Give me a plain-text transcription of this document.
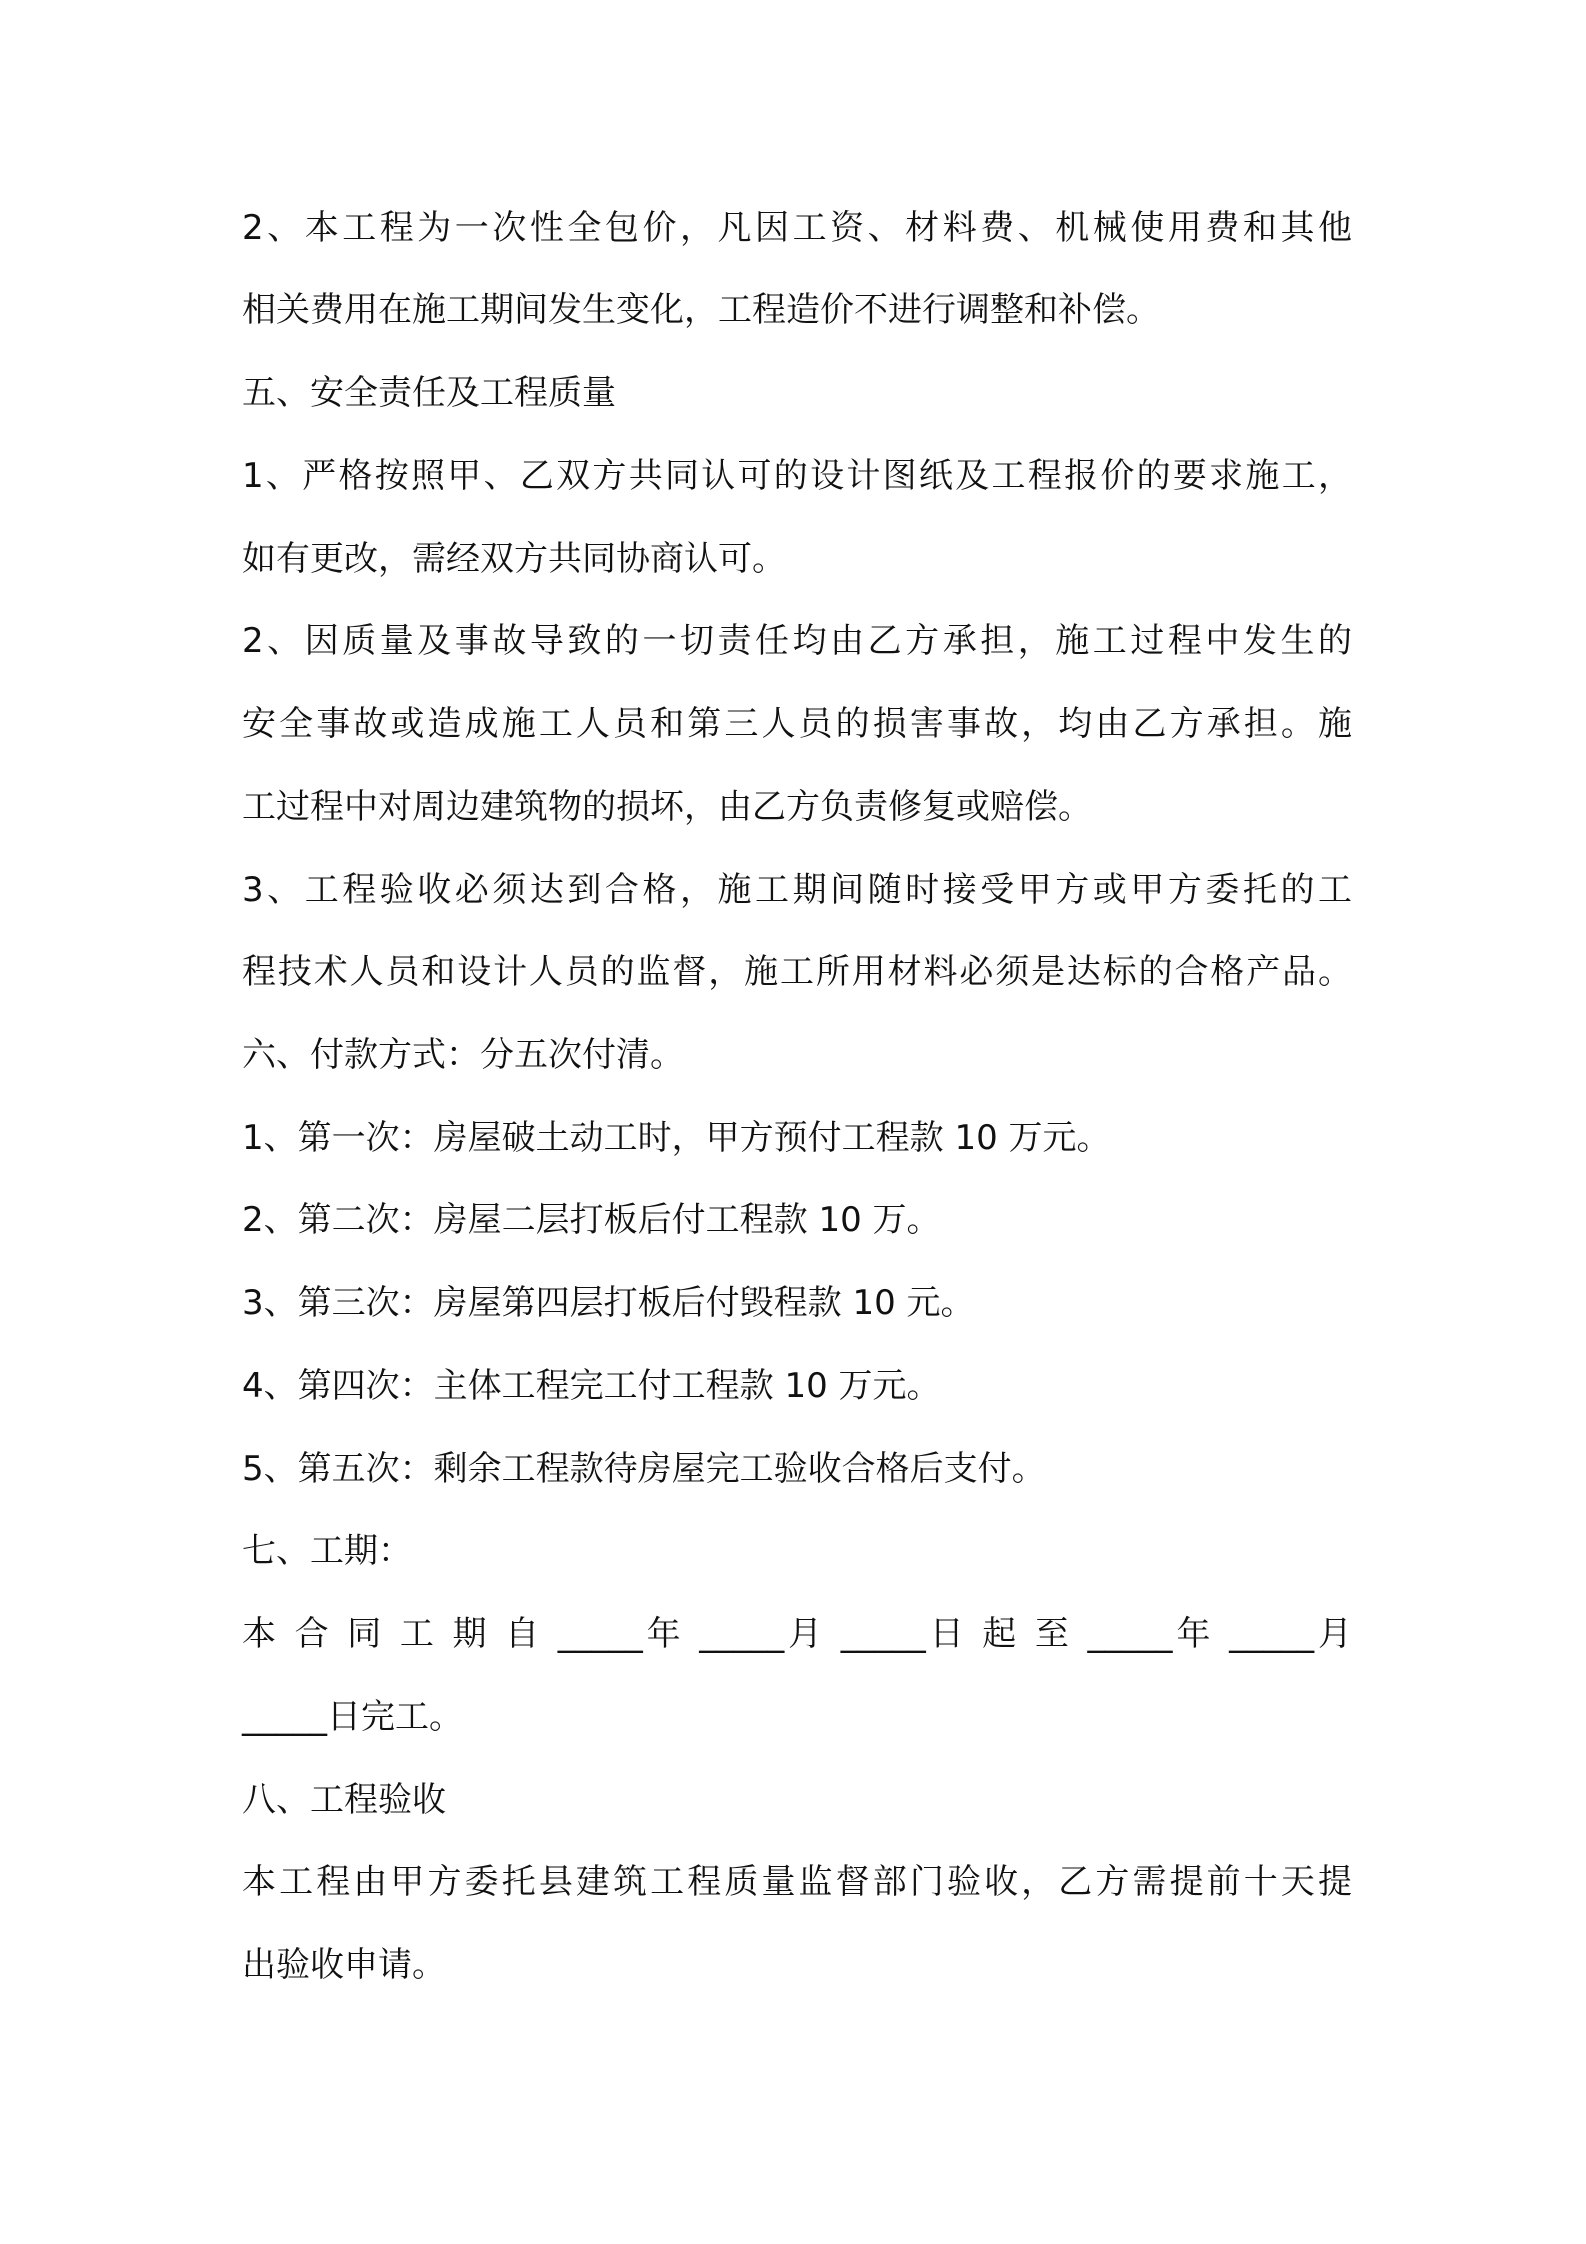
2、本工程为一次性全包价，凡因工资、材料费、机械使用费和其他

相关费用在施工期间发生变化，工程造价不进行调整和补偿。

五、安全责任及工程质量

1、严格按照甲、乙双方共同认可的设计图纸及工程报价的要求施工，

如有更改，需经双方共同协商认可。

2、因质量及事故导致的一切责任均由乙方承担，施工过程中发生的

安全事故或造成施工人员和第三人员的损害事故，均由乙方承担。施

工过程中对周边建筑物的损坏，由乙方负责修复或赔偿。

3、工程验收必须达到合格，施工期间随时接受甲方或甲方委托的工

程技术人员和设计人员的监督，施工所用材料必须是达标的合格产品。

六、付款方式：分五次付清。

1、第一次：房屋破土动工时，甲方预付工程款 10 万元。

2、第二次：房屋二层打板后付工程款 10 万。

3、第三次：房屋第四层打板后付毁程款 10 元。

4、第四次：主体工程完工付工程款 10 万元。

5、第五次：剩余工程款待房屋完工验收合格后支付。

七、工期：

本 合 同 工 期 自 _____年 _____月 _____日 起 至 _____年 _____月

_____日完工。

八、工程验收

本工程由甲方委托县建筑工程质量监督部门验收，乙方需提前十天提

出验收申请。
